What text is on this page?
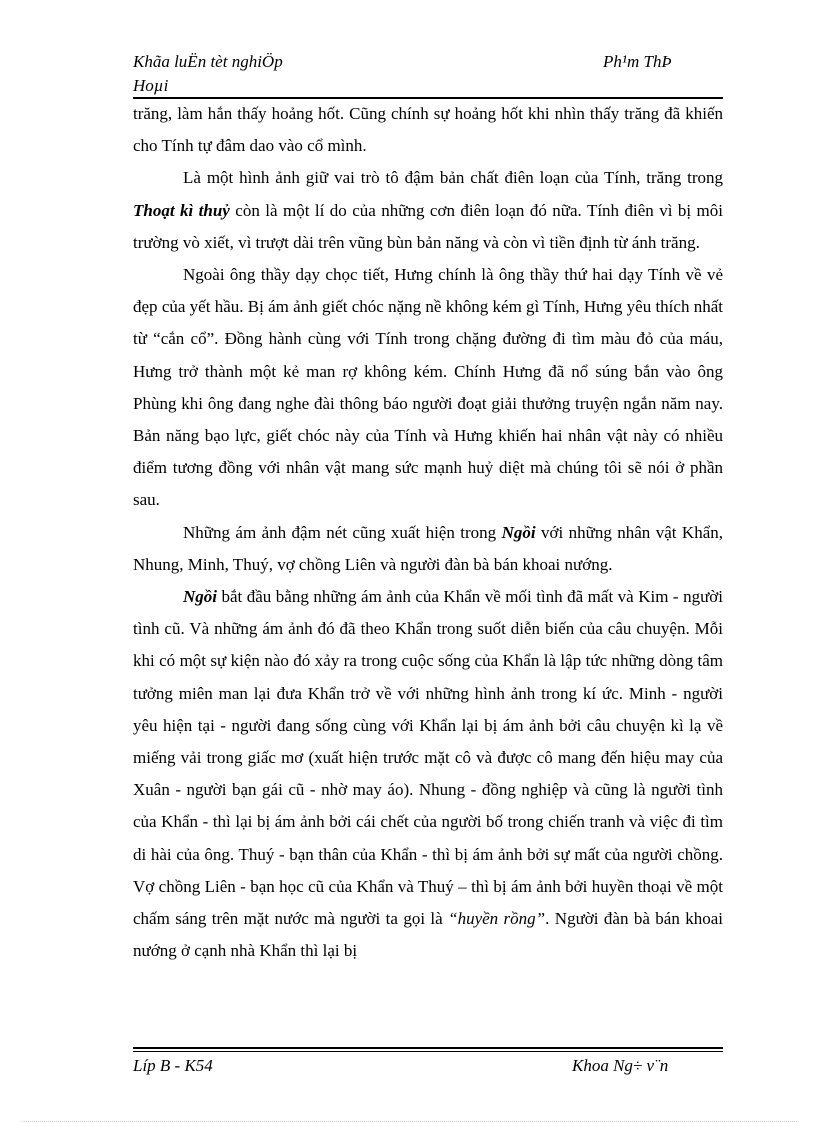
Khãa luËn tèt nghiÖp
Hoµi
Ph¹m ThÞ

trăng, làm hắn thấy hoảng hốt. Cũng chính sự hoảng hốt khi nhìn thấy trăng đã khiến cho Tính tự đâm dao vào cổ mình.

Là một hình ảnh giữ vai trò tô đậm bản chất điên loạn của Tính, trăng trong Thoạt kì thuỷ còn là một lí do của những cơn điên loạn đó nữa. Tính điên vì bị môi trường vò xiết, vì trượt dài trên vũng bùn bản năng và còn vì tiền định từ ánh trăng.

Ngoài ông thầy dạy chọc tiết, Hưng chính là ông thầy thứ hai dạy Tính về vẻ đẹp của yết hầu. Bị ám ảnh giết chóc nặng nề không kém gì Tính, Hưng yêu thích nhất từ “cắn cổ”. Đồng hành cùng với Tính trong chặng đường đi tìm màu đỏ của máu, Hưng trở thành một kẻ man rợ không kém. Chính Hưng đã nổ súng bắn vào ông Phùng khi ông đang nghe đài thông báo người đoạt giải thưởng truyện ngắn năm nay. Bản năng bạo lực, giết chóc này của Tính và Hưng khiến hai nhân vật này có nhiều điểm tương đồng với nhân vật mang sức mạnh huỷ diệt mà chúng tôi sẽ nói ở phần sau.

Những ám ảnh đậm nét cũng xuất hiện trong Ngồi với những nhân vật Khẩn, Nhung, Minh, Thuý, vợ chồng Liên và người đàn bà bán khoai nướng.

Ngồi bắt đầu bằng những ám ảnh của Khẩn về mối tình đã mất và Kim - người tình cũ. Và những ám ảnh đó đã theo Khẩn trong suốt diễn biến của câu chuyện. Mỗi khi có một sự kiện nào đó xảy ra trong cuộc sống của Khẩn là lập tức những dòng tâm tưởng miên man lại đưa Khẩn trở về với những hình ảnh trong kí ức. Minh - người yêu hiện tại - người đang sống cùng với Khẩn lại bị ám ảnh bởi câu chuyện kì lạ về miếng vải trong giấc mơ (xuất hiện trước mặt cô và được cô mang đến hiệu may của Xuân - người bạn gái cũ - nhờ may áo). Nhung - đồng nghiệp và cũng là người tình của Khẩn - thì lại bị ám ảnh bởi cái chết của người bố trong chiến tranh và việc đi tìm di hài của ông. Thuý - bạn thân của Khẩn - thì bị ám ảnh bởi sự mất của người chồng. Vợ chồng Liên - bạn học cũ của Khẩn và Thuý – thì bị ám ảnh bởi huyền thoại về một chấm sáng trên mặt nước mà người ta gọi là “huyền rồng”. Người đàn bà bán khoai nướng ở cạnh nhà Khẩn thì lại bị

Líp B - K54	Khoa Ng÷ v¨n
